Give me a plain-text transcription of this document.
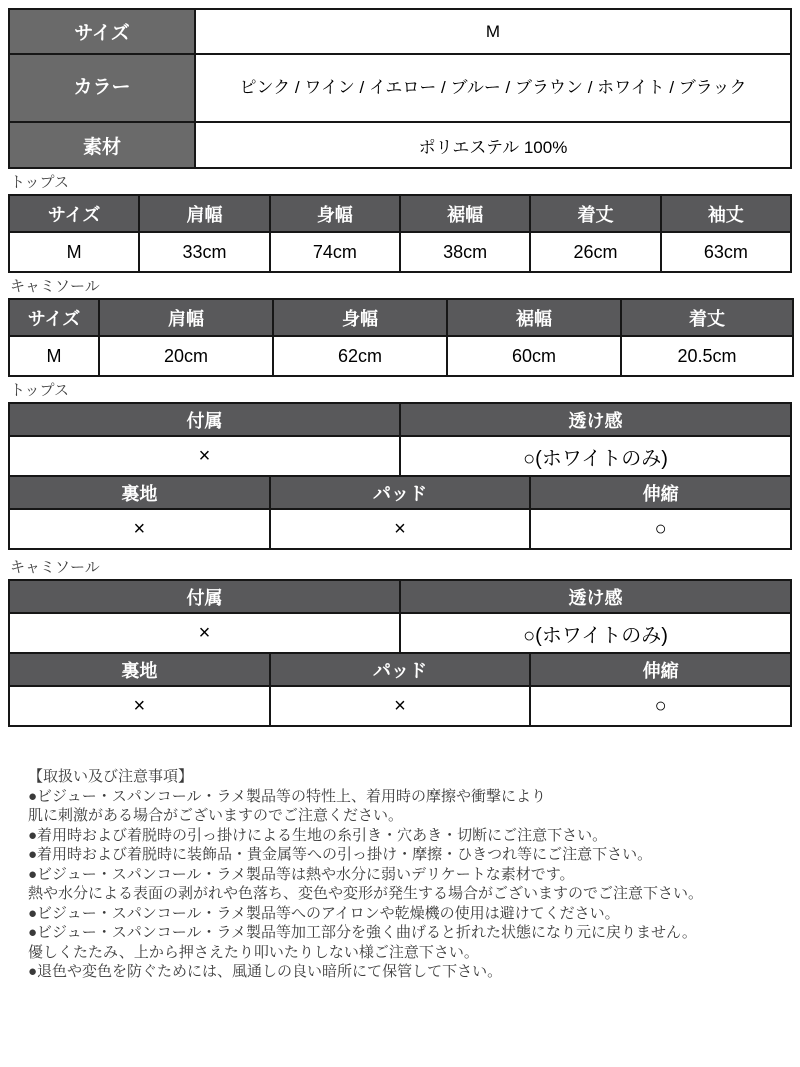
サイズ	M
カラー	ピンク / ワイン / イエロー / ブルー / ブラウン / ホワイト / ブラック
素材	ポリエステル 100%
トップス
サイズ	肩幅	身幅	裾幅	着丈	袖丈
M	33cm	74cm	38cm	26cm	63cm
キャミソール
サイズ	肩幅	身幅	裾幅	着丈
M	20cm	62cm	60cm	20.5cm
トップス
付属	透け感
×	○(ホワイトのみ)
裏地	パッド	伸縮
×	×	○
キャミソール
付属	透け感
×	○(ホワイトのみ)
裏地	パッド	伸縮
×	×	○
【取扱い及び注意事項】
●ビジュー・スパンコール・ラメ製品等の特性上、着用時の摩擦や衝撃により
肌に刺激がある場合がございますのでご注意ください。
●着用時および着脱時の引っ掛けによる生地の糸引き・穴あき・切断にご注意下さい。
●着用時および着脱時に装飾品・貴金属等への引っ掛け・摩擦・ひきつれ等にご注意下さい。
●ビジュー・スパンコール・ラメ製品等は熱や水分に弱いデリケートな素材です。
熱や水分による表面の剥がれや色落ち、変色や変形が発生する場合がございますのでご注意下さい。
●ビジュー・スパンコール・ラメ製品等へのアイロンや乾燥機の使用は避けてください。
●ビジュー・スパンコール・ラメ製品等加工部分を強く曲げると折れた状態になり元に戻りません。
優しくたたみ、上から押さえたり叩いたりしない様ご注意下さい。
●退色や変色を防ぐためには、風通しの良い暗所にて保管して下さい。
